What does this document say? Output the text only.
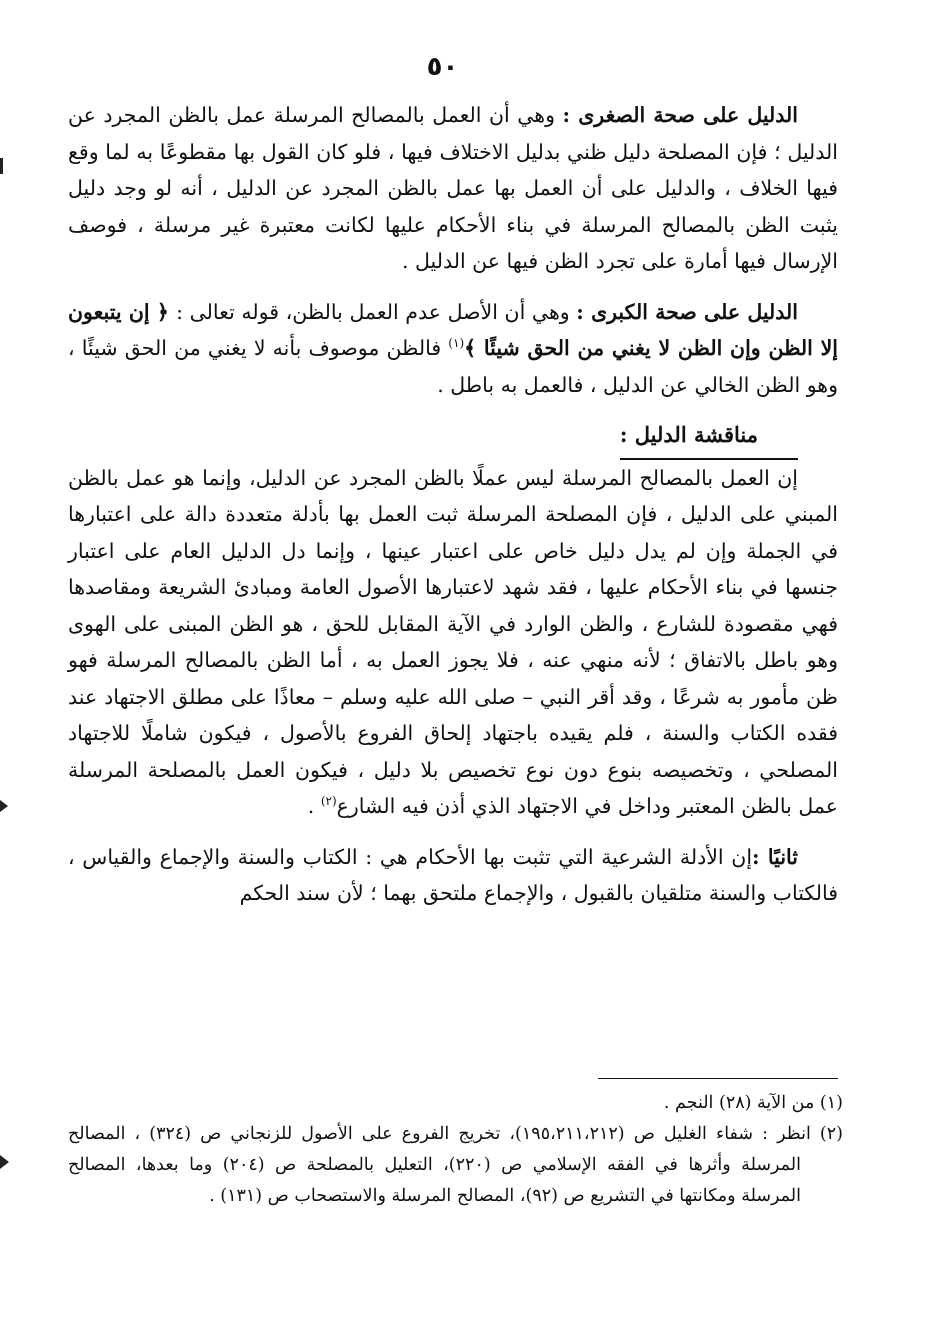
٥٠

الدليل على صحة الصغرى : وهي أن العمل بالمصالح المرسلة عمل بالظن المجرد عن الدليل ؛ فإن المصلحة دليل ظني بدليل الاختلاف فيها ، فلو كان القول بها مقطوعًا به لما وقع فيها الخلاف ، والدليل على أن العمل بها عمل بالظن المجرد عن الدليل ، أنه لو وجد دليل يثبت الظن بالمصالح المرسلة في بناء الأحكام عليها لكانت معتبرة غير مرسلة ، فوصف الإرسال فيها أمارة على تجرد الظن فيها عن الدليل .

الدليل على صحة الكبرى : وهي أن الأصل عدم العمل بالظن، قوله تعالى : ﴿ إن يتبعون إلا الظن وإن الظن لا يغني من الحق شيئًا ﴾$^{(١)}$ فالظن موصوف بأنه لا يغني من الحق شيئًا ، وهو الظن الخالي عن الدليل ، فالعمل به باطل .

مناقشة الدليل :

إن العمل بالمصالح المرسلة ليس عملًا بالظن المجرد عن الدليل، وإنما هو عمل بالظن المبني على الدليل ، فإن المصلحة المرسلة ثبت العمل بها بأدلة متعددة دالة على اعتبارها في الجملة وإن لم يدل دليل خاص على اعتبار عينها ، وإنما دل الدليل العام على اعتبار جنسها في بناء الأحكام عليها ، فقد شهد لاعتبارها الأصول العامة ومبادئ الشريعة ومقاصدها فهي مقصودة للشارع ، والظن الوارد في الآية المقابل للحق ، هو الظن المبنى على الهوى وهو باطل بالاتفاق ؛ لأنه منهي عنه ، فلا يجوز العمل به ، أما الظن بالمصالح المرسلة فهو ظن مأمور به شرعًا ، وقد أقر النبي – صلى الله عليه وسلم – معاذًا على مطلق الاجتهاد عند فقده الكتاب والسنة ، فلم يقيده باجتهاد إلحاق الفروع بالأصول ، فيكون شاملًا للاجتهاد المصلحي ، وتخصيصه بنوع دون نوع تخصيص بلا دليل ، فيكون العمل بالمصلحة المرسلة عمل بالظن المعتبر وداخل في الاجتهاد الذي أذن فيه الشارع$^{(٢)}$ .

ثانيًا :إن الأدلة الشرعية التي تثبت بها الأحكام هي : الكتاب والسنة والإجماع والقياس ، فالكتاب والسنة متلقيان بالقبول ، والإجماع ملتحق بهما ؛ لأن سند الحكم

(١) من الآية (٢٨) النجم .

(٢) انظر : شفاء الغليل ص (١٩٥،٢١١،٢١٢)، تخريج الفروع على الأصول للزنجاني ص (٣٢٤) ، المصالح المرسلة وأثرها في الفقه الإسلامي ص (٢٢٠)، التعليل بالمصلحة ص (٢٠٤) وما بعدها، المصالح المرسلة ومكانتها في التشريع ص (٩٢)، المصالح المرسلة والاستصحاب ص (١٣١) .
